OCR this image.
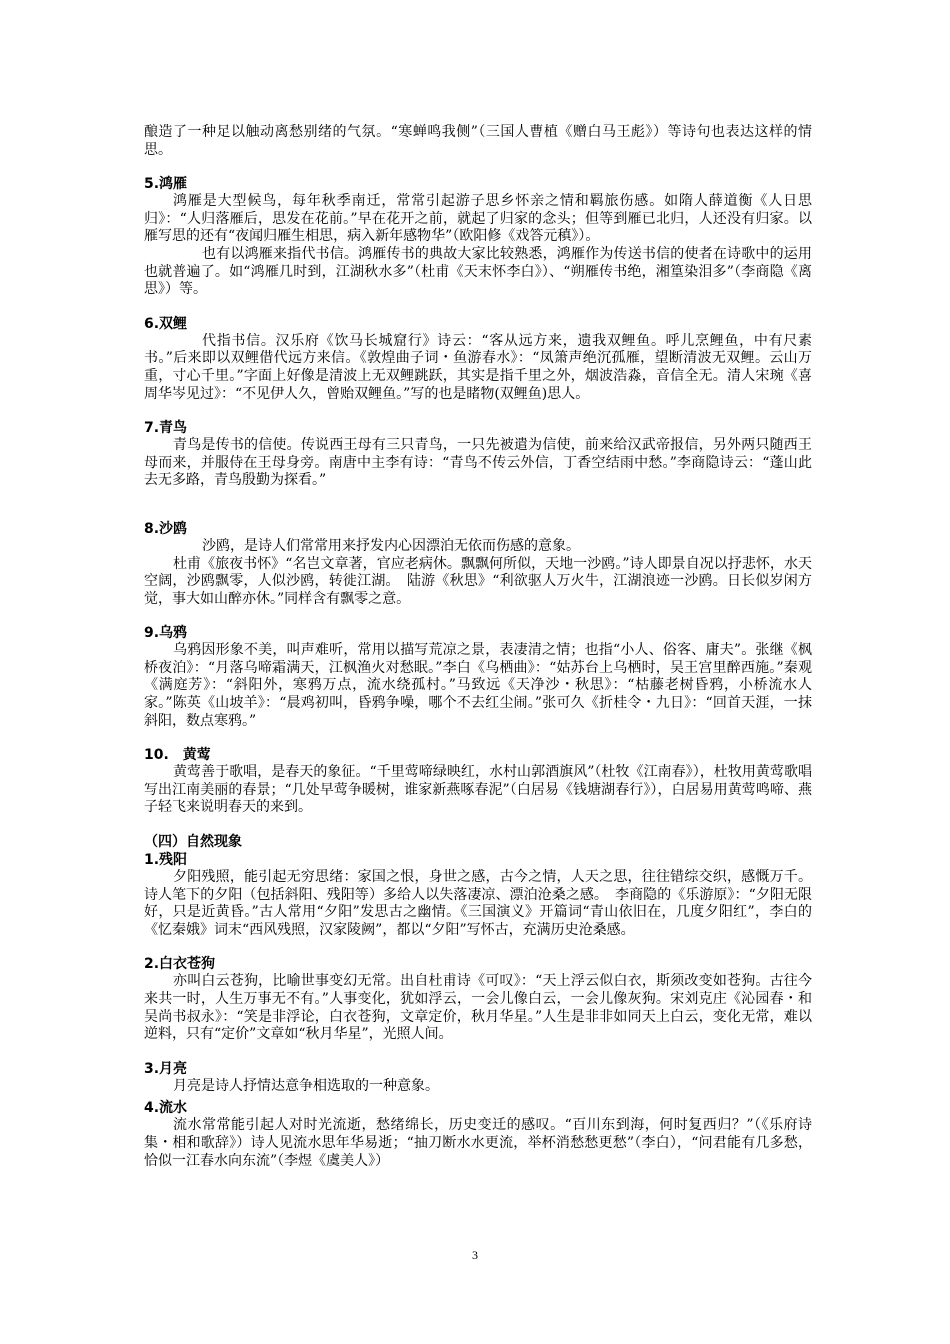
酿造了一种足以触动离愁别绪的气氛。“寒蝉鸣我侧”（三国人曹植《赠白马王彪》）等诗句也表达这样的情思。

5.鸿雁

鸿雁是大型候鸟，每年秋季南迁，常常引起游子思乡怀亲之情和羁旅伤感。如隋人薛道衡《人日思归》：“人归落雁后，思发在花前。”早在花开之前，就起了归家的念头；但等到雁已北归，人还没有归家。以雁写思的还有“夜闻归雁生相思，病入新年感物华”（欧阳修《戏答元稹》）。

也有以鸿雁来指代书信。鸿雁传书的典故大家比较熟悉，鸿雁作为传送书信的使者在诗歌中的运用也就普遍了。如“鸿雁几时到，江湖秋水多”（杜甫《天末怀李白》）、“朔雁传书绝，湘篁染泪多”（李商隐《离思》）等。

6.双鲤

代指书信。汉乐府《饮马长城窟行》诗云：“客从远方来，遗我双鲤鱼。呼儿烹鲤鱼，中有尺素书。”后来即以双鲤借代远方来信。《敦煌曲子词・鱼游春水》：“凤箫声绝沉孤雁，望断清波无双鲤。云山万重，寸心千里。”字面上好像是清波上无双鲤跳跃，其实是指千里之外，烟波浩淼，音信全无。清人宋琬《喜周华岑见过》：“不见伊人久，曾贻双鲤鱼。”写的也是睹物(双鲤鱼)思人。

7.青鸟

青鸟是传书的信使。传说西王母有三只青鸟，一只先被遣为信使，前来给汉武帝报信，另外两只随西王母而来，并服侍在王母身旁。南唐中主李有诗：“青鸟不传云外信，丁香空结雨中愁。”李商隐诗云：“蓬山此去无多路，青鸟殷勤为探看。”

8.沙鸥

沙鸥，是诗人们常常用来抒发内心因漂泊无依而伤感的意象。

杜甫《旅夜书怀》“名岂文章著，官应老病休。飘飘何所似，天地一沙鸥。”诗人即景自况以抒悲怀，水天空阔，沙鸥飘零，人似沙鸥，转徙江湖。　陆游《秋思》“利欲驱人万火牛，江湖浪迹一沙鸥。日长似岁闲方觉，事大如山醉亦休。”同样含有飘零之意。

9.乌鸦

乌鸦因形象不美，叫声难听，常用以描写荒凉之景，表凄清之情；也指“小人、俗客、庸夫”。张继《枫桥夜泊》：“月落乌啼霜满天，江枫渔火对愁眠。”李白《乌栖曲》：“姑苏台上乌栖时，吴王宫里醉西施。”秦观《满庭芳》：“斜阳外，寒鸦万点，流水绕孤村。”马致远《天净沙・秋思》：“枯藤老树昏鸦，小桥流水人家。”陈英《山坡羊》：“晨鸡初叫，昏鸦争噪，哪个不去红尘闹。”张可久《折桂令・九日》：“回首天涯，一抹斜阳，数点寒鸦。”

10.　黄莺

黄莺善于歌唱，是春天的象征。“千里莺啼绿映红，水村山郭酒旗风”（杜牧《江南春》），杜牧用黄莺歌唱写出江南美丽的春景；“几处早莺争暖树，谁家新燕啄春泥”（白居易《钱塘湖春行》），白居易用黄莺鸣啼、燕子轻飞来说明春天的来到。

（四）自然现象
1.残阳

夕阳残照，能引起无穷思绪：家国之恨，身世之感，古今之情，人天之思，往往错综交织，感慨万千。诗人笔下的夕阳（包括斜阳、残阳等）多给人以失落凄凉、漂泊沧桑之感。　李商隐的《乐游原》：“夕阳无限好，只是近黄昏。”古人常用“夕阳”发思古之幽情。《三国演义》开篇词“青山依旧在，几度夕阳红”，李白的《忆秦娥》词末“西风残照，汉家陵阙”，都以“夕阳”写怀古，充满历史沧桑感。

2.白衣苍狗

亦叫白云苍狗，比喻世事变幻无常。出自杜甫诗《可叹》：“天上浮云似白衣，斯须改变如苍狗。古往今来共一时，人生万事无不有。”人事变化，犹如浮云，一会儿像白云，一会儿像灰狗。宋刘克庄《沁园春・和吴尚书叔永》：“笑是非浮论，白衣苍狗，文章定价，秋月华星。”人生是非非如同天上白云，变化无常，难以逆料，只有“定价”文章如“秋月华星”，光照人间。

3.月亮

月亮是诗人抒情达意争相选取的一种意象。

4.流水

流水常常能引起人对时光流逝，愁绪绵长，历史变迁的感叹。“百川东到海，何时复西归？”（《乐府诗集・相和歌辞》）诗人见流水思年华易逝；“抽刀断水水更流，举杯消愁愁更愁”（李白），“问君能有几多愁，恰似一江春水向东流”（李煜《虞美人》）

3
